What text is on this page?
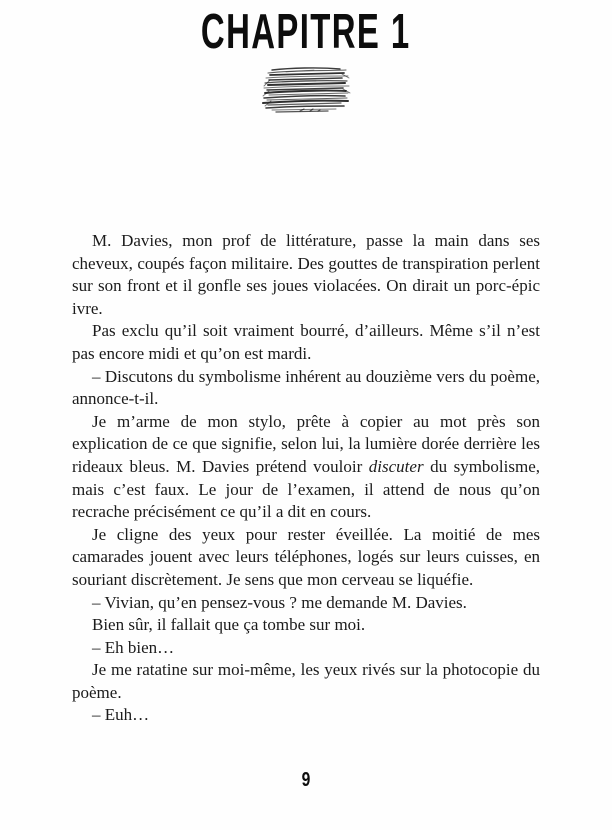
CHAPITRE 1

M. Davies, mon prof de littérature, passe la main dans ses cheveux, coupés façon militaire. Des gouttes de transpiration perlent sur son front et il gonfle ses joues violacées. On dirait un porc-épic ivre.

Pas exclu qu’il soit vraiment bourré, d’ailleurs. Même s’il n’est pas encore midi et qu’on est mardi.

– Discutons du symbolisme inhérent au douzième vers du poème, annonce-t-il.

Je m’arme de mon stylo, prête à copier au mot près son explication de ce que signifie, selon lui, la lumière dorée derrière les rideaux bleus. M. Davies prétend vouloir discuter du symbolisme, mais c’est faux. Le jour de l’examen, il attend de nous qu’on recrache précisément ce qu’il a dit en cours.

Je cligne des yeux pour rester éveillée. La moitié de mes camarades jouent avec leurs téléphones, logés sur leurs cuisses, en souriant discrètement. Je sens que mon cerveau se liquéfie.

– Vivian, qu’en pensez-vous ? me demande M. Davies.

Bien sûr, il fallait que ça tombe sur moi.

– Eh bien…

Je me ratatine sur moi-même, les yeux rivés sur la photocopie du poème.

– Euh…

9
